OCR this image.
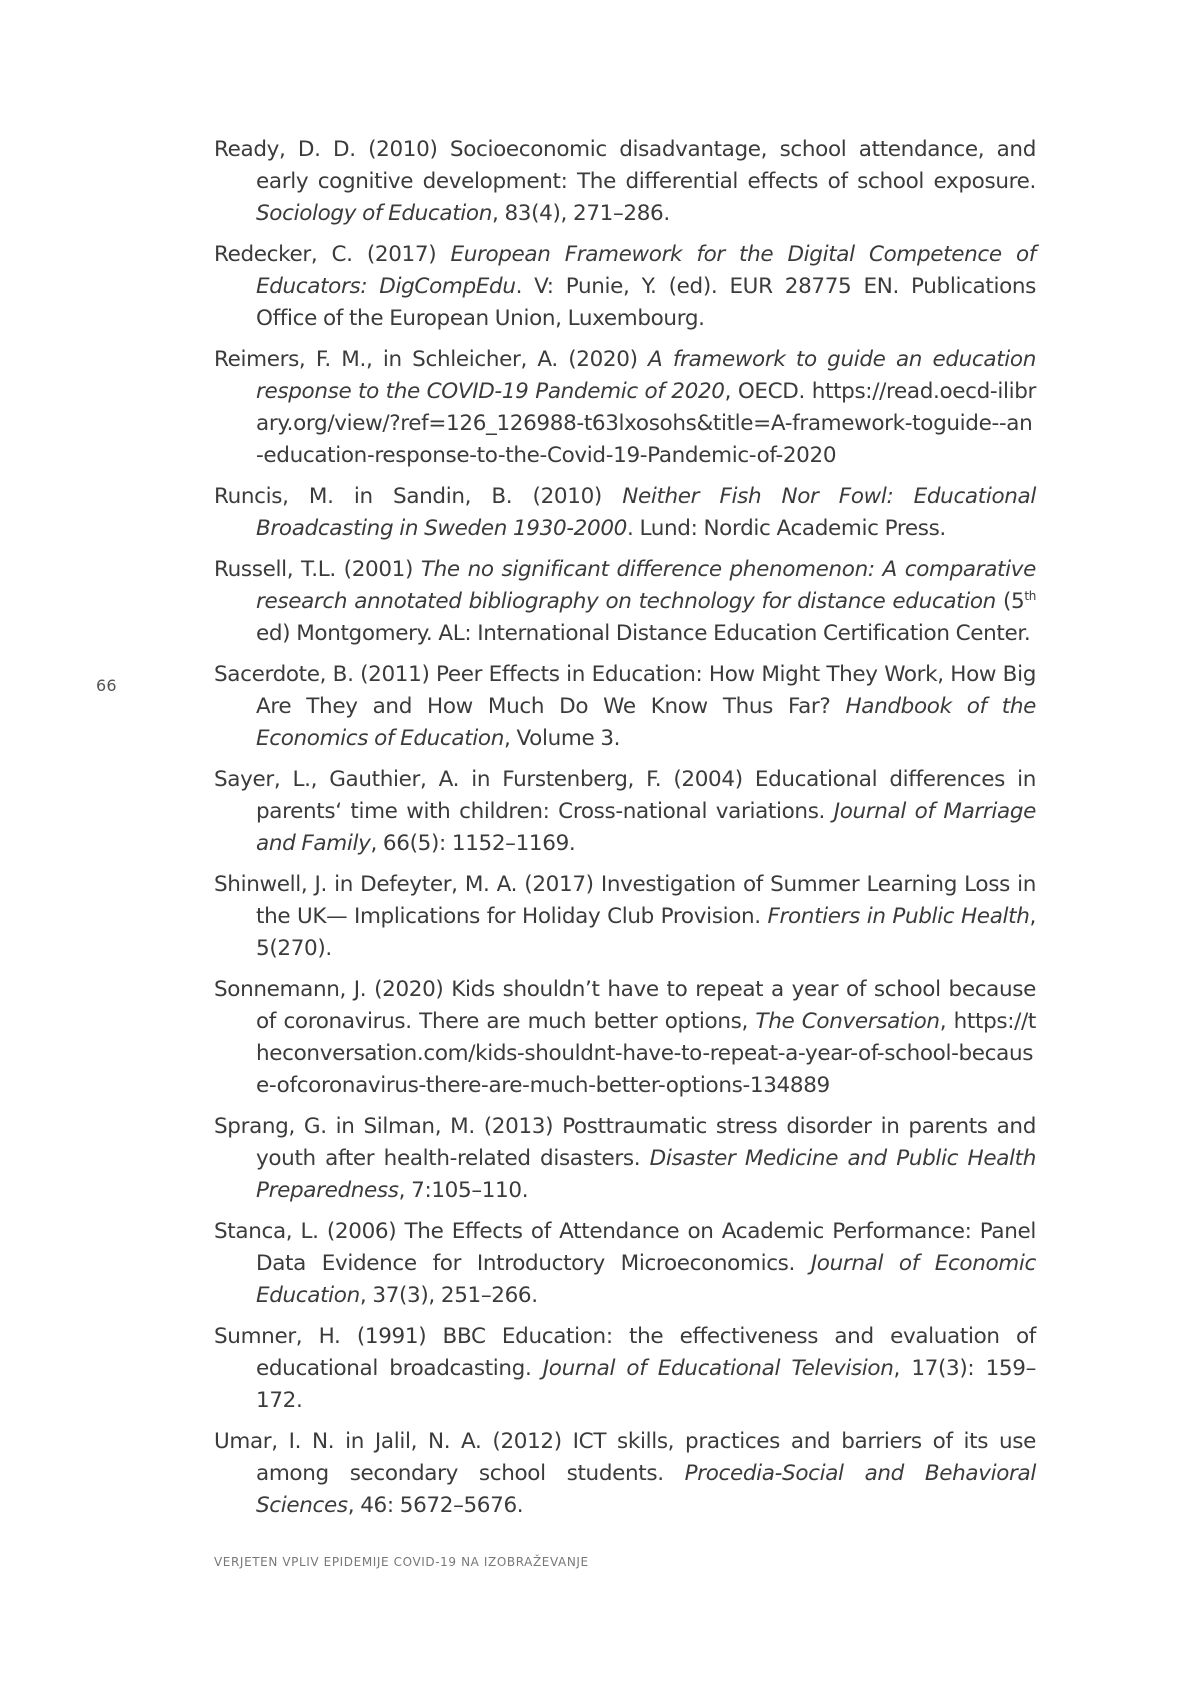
66

Ready, D. D. (2010) Socioeconomic disadvantage, school attendance, and early cognitive development: The differential effects of school exposure. Sociology of Education, 83(4), 271–286.

Redecker, C. (2017) European Framework for the Digital Competence of Educators: DigCompEdu. V: Punie, Y. (ed). EUR 28775 EN. Publications Office of the European Union, Luxembourg.

Reimers, F. M., in Schleicher, A. (2020) A framework to guide an education response to the COVID-19 Pandemic of 2020, OECD. https://read.oecd-ilibrary.org/view/?ref=126_126988-t63lxosohs&title=A-framework-toguide--an-education-response-to-the-Covid-19-Pandemic-of-2020

Runcis, M. in Sandin, B. (2010) Neither Fish Nor Fowl: Educational Broadcasting in Sweden 1930-2000. Lund: Nordic Academic Press.

Russell, T.L. (2001) The no significant difference phenomenon: A comparative research annotated bibliography on technology for distance education (5th ed) Montgomery. AL: International Distance Education Certification Center.

Sacerdote, B. (2011) Peer Effects in Education: How Might They Work, How Big Are They and How Much Do We Know Thus Far? Handbook of the Economics of Education, Volume 3.

Sayer, L., Gauthier, A. in Furstenberg, F. (2004) Educational differences in parents‘ time with children: Cross-national variations. Journal of Marriage and Family, 66(5): 1152–1169.

Shinwell, J. in Defeyter, M. A. (2017) Investigation of Summer Learning Loss in the UK— Implications for Holiday Club Provision. Frontiers in Public Health, 5(270).

Sonnemann, J. (2020) Kids shouldn’t have to repeat a year of school because of coronavirus. There are much better options, The Conversation, https://theconversation.com/kids-shouldnt-have-to-repeat-a-year-of-school-because-ofcoronavirus-there-are-much-better-options-134889

Sprang, G. in Silman, M. (2013) Posttraumatic stress disorder in parents and youth after health-related disasters. Disaster Medicine and Public Health Preparedness, 7:105–110.

Stanca, L. (2006) The Effects of Attendance on Academic Performance: Panel Data Evidence for Introductory Microeconomics. Journal of Economic Education, 37(3), 251–266.

Sumner, H. (1991) BBC Education: the effectiveness and evaluation of educational broadcasting. Journal of Educational Television, 17(3): 159–172.

Umar, I. N. in Jalil, N. A. (2012) ICT skills, practices and barriers of its use among secondary school students. Procedia-Social and Behavioral Sciences, 46: 5672–5676.

VERJETEN VPLIV EPIDEMIJE COVID-19 NA IZOBRAŽEVANJE
